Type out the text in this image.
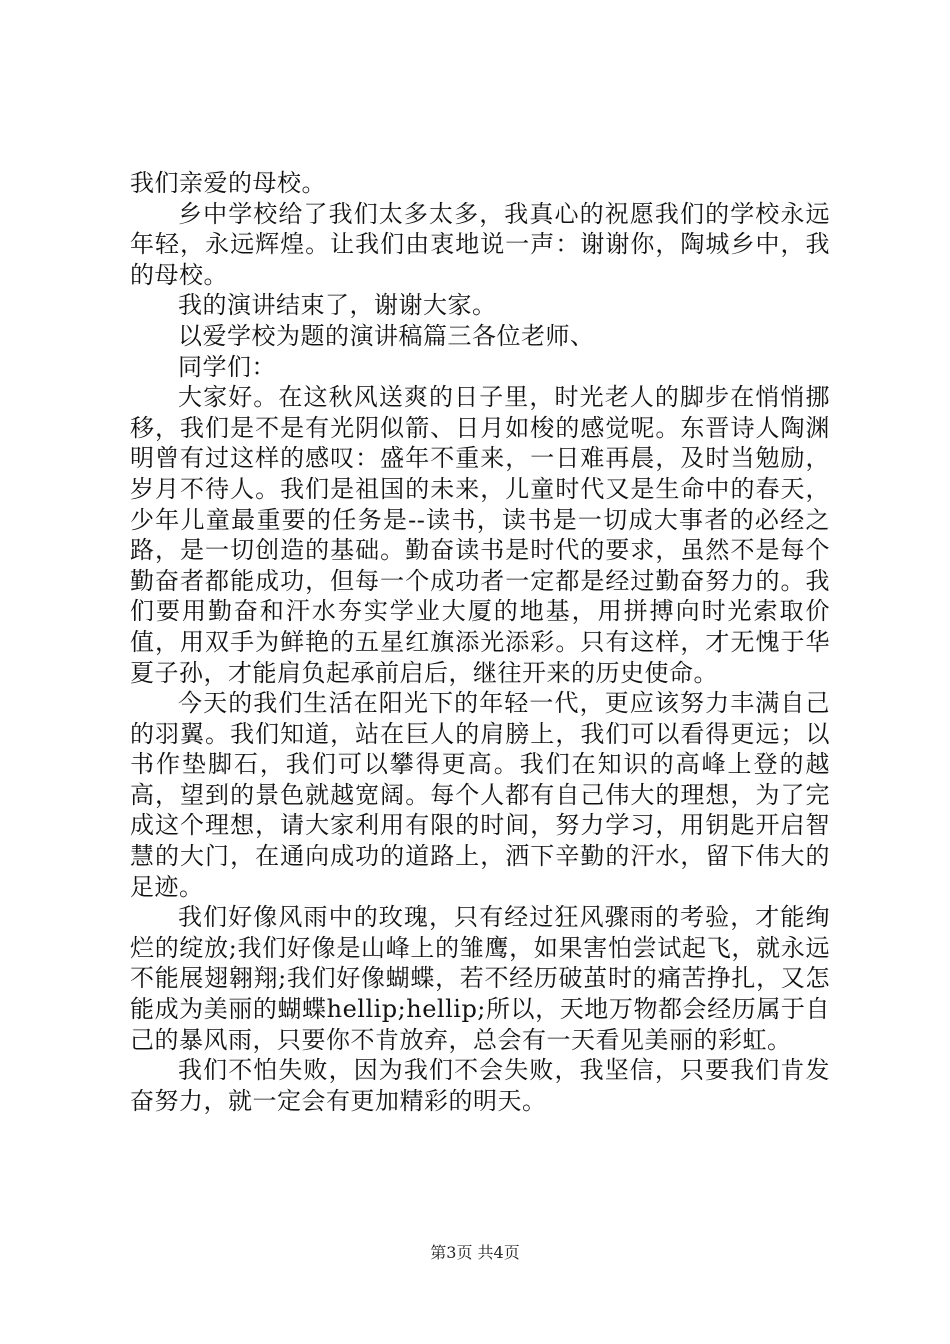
我们亲爱的母校。

乡中学校给了我们太多太多，我真心的祝愿我们的学校永远年轻，永远辉煌。让我们由衷地说一声：谢谢你，陶城乡中，我的母校。

我的演讲结束了，谢谢大家。

以爱学校为题的演讲稿篇三各位老师、

同学们：

大家好。在这秋风送爽的日子里，时光老人的脚步在悄悄挪移，我们是不是有光阴似箭、日月如梭的感觉呢。东晋诗人陶渊明曾有过这样的感叹：盛年不重来，一日难再晨，及时当勉励，岁月不待人。我们是祖国的未来，儿童时代又是生命中的春天，少年儿童最重要的任务是--读书，读书是一切成大事者的必经之路，是一切创造的基础。勤奋读书是时代的要求，虽然不是每个勤奋者都能成功，但每一个成功者一定都是经过勤奋努力的。我们要用勤奋和汗水夯实学业大厦的地基，用拼搏向时光索取价值，用双手为鲜艳的五星红旗添光添彩。只有这样，才无愧于华夏子孙，才能肩负起承前启后，继往开来的历史使命。

今天的我们生活在阳光下的年轻一代，更应该努力丰满自己的羽翼。我们知道，站在巨人的肩膀上，我们可以看得更远；以书作垫脚石，我们可以攀得更高。我们在知识的高峰上登的越高，望到的景色就越宽阔。每个人都有自己伟大的理想，为了完成这个理想，请大家利用有限的时间，努力学习，用钥匙开启智慧的大门，在通向成功的道路上，洒下辛勤的汗水，留下伟大的足迹。

我们好像风雨中的玫瑰，只有经过狂风骤雨的考验，才能绚烂的绽放;我们好像是山峰上的雏鹰，如果害怕尝试起飞，就永远不能展翅翱翔;我们好像蝴蝶，若不经历破茧时的痛苦挣扎，又怎能成为美丽的蝴蝶hellip;hellip;所以，天地万物都会经历属于自己的暴风雨，只要你不肯放弃，总会有一天看见美丽的彩虹。

我们不怕失败，因为我们不会失败，我坚信，只要我们肯发奋努力，就一定会有更加精彩的明天。

第3页 共4页
